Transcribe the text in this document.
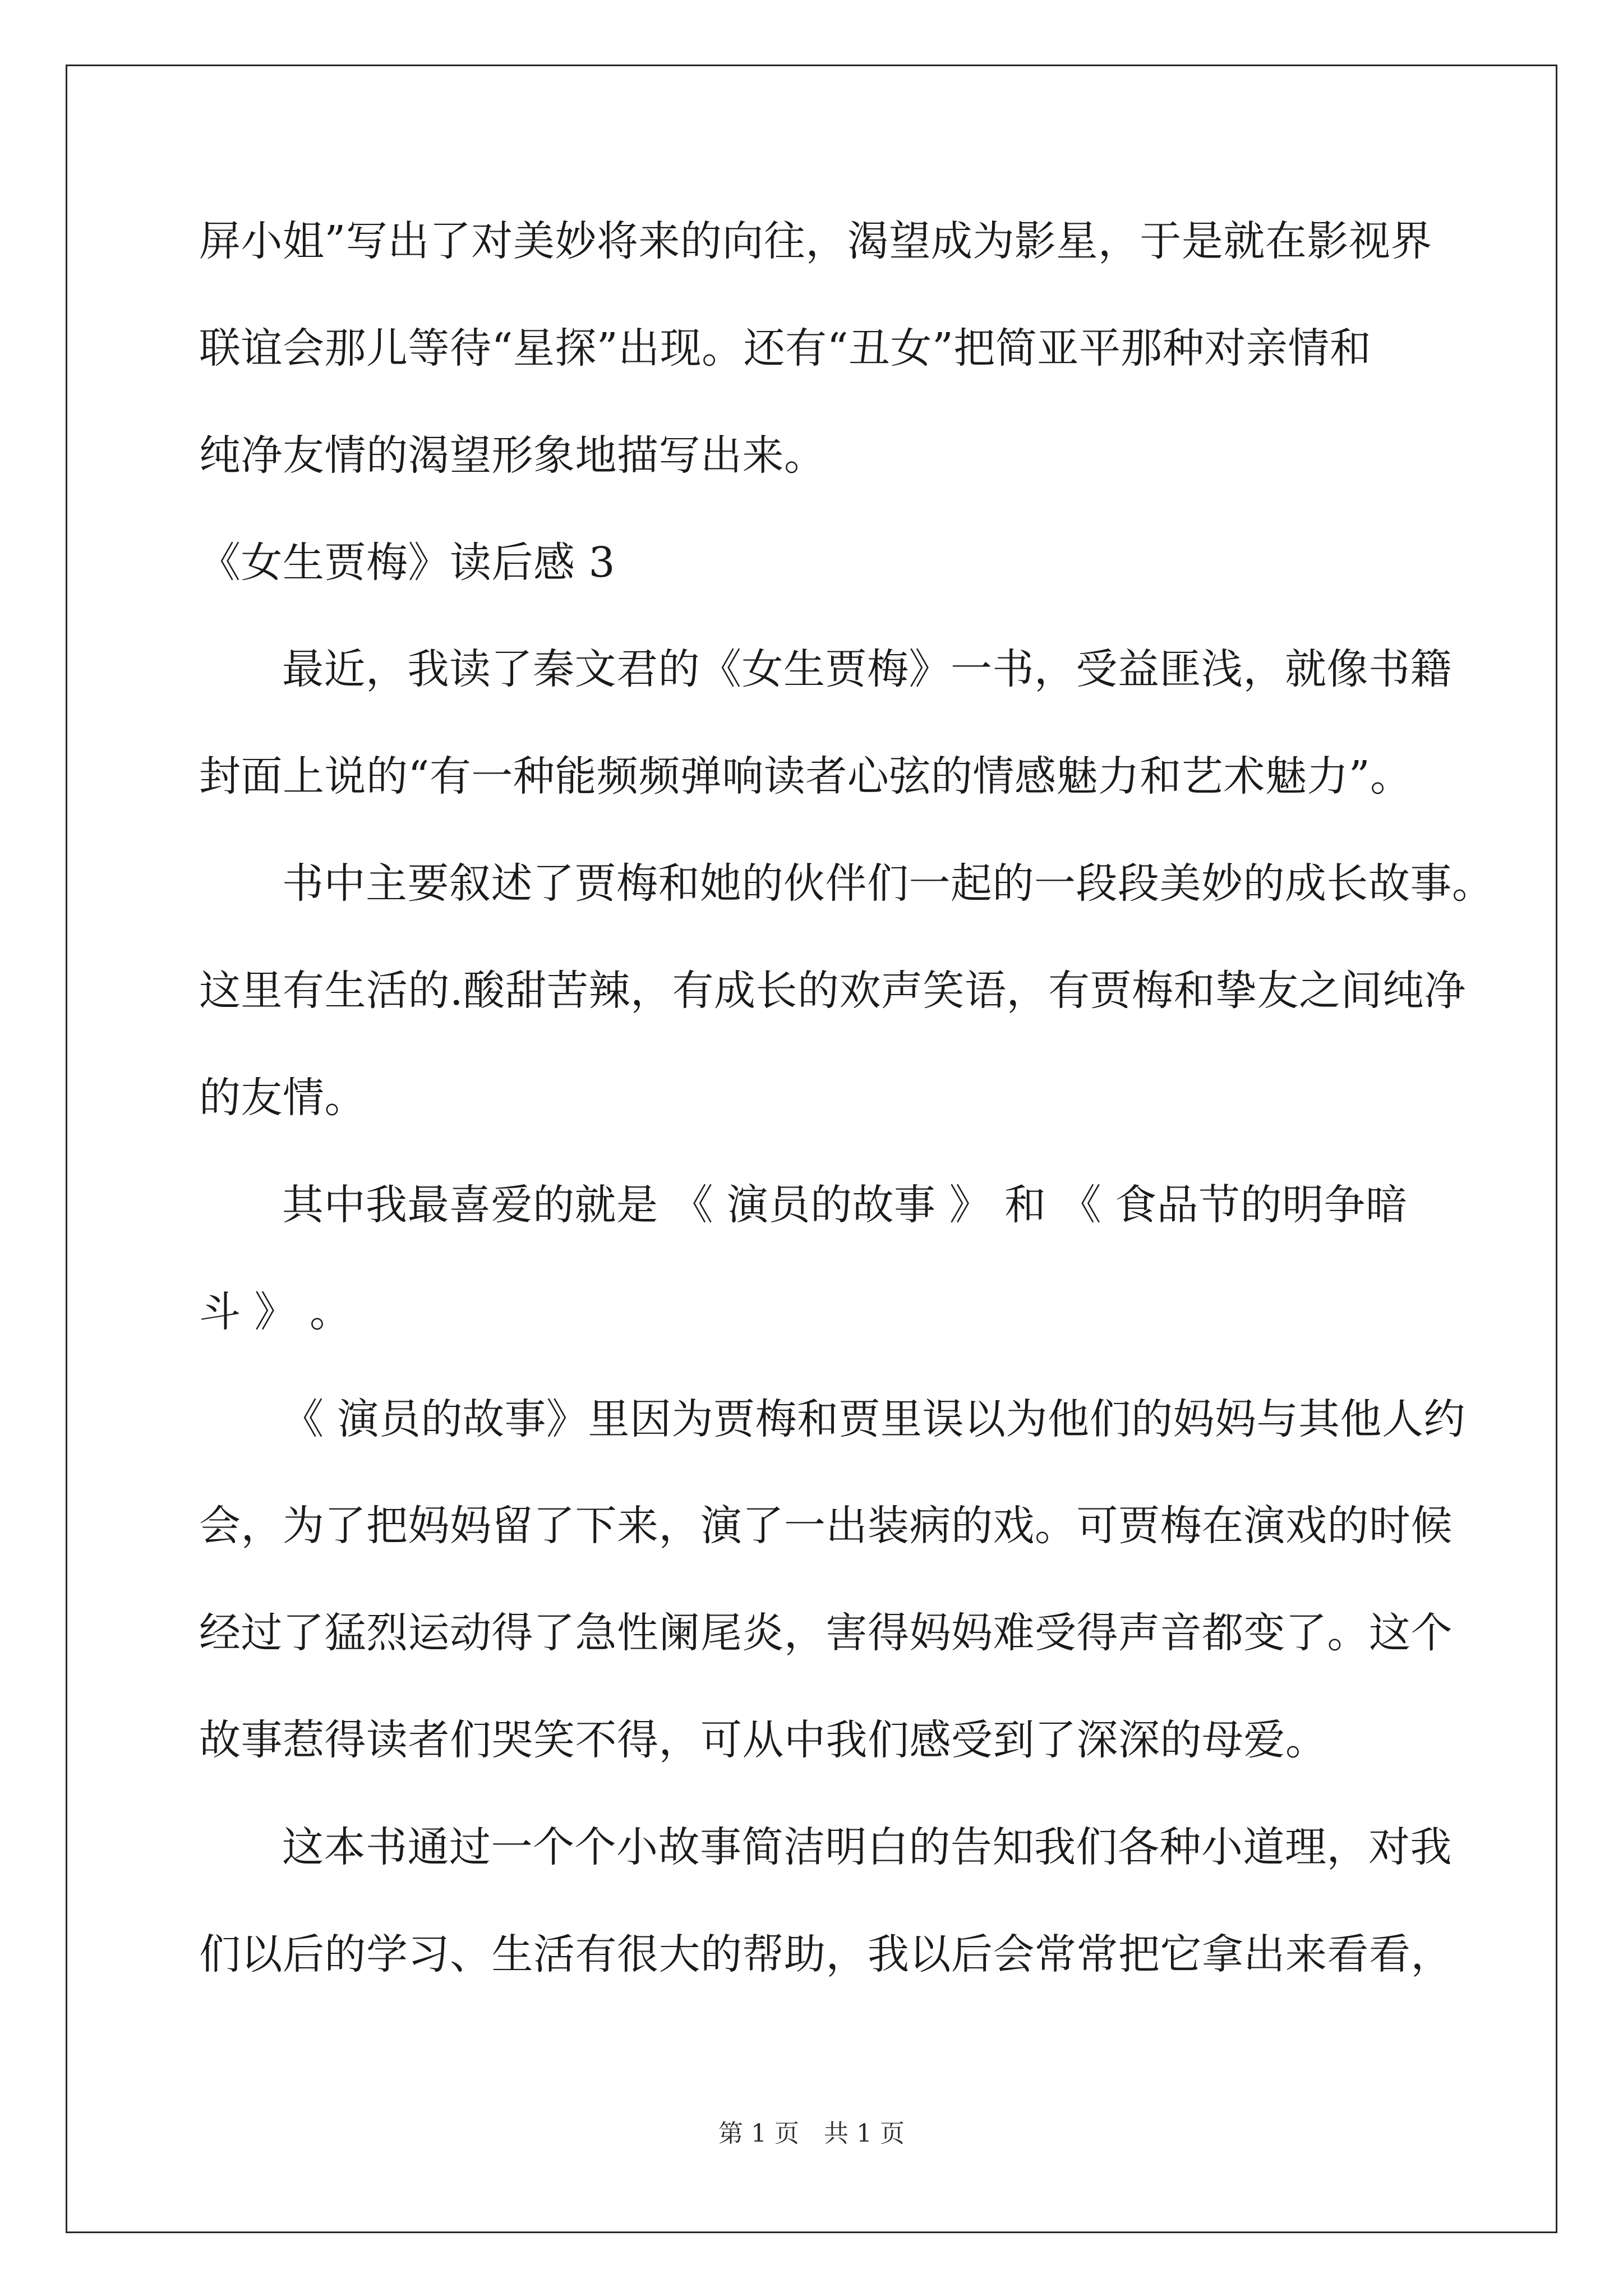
屏小姐”写出了对美妙将来的向往，渴望成为影星，于是就在影视界
联谊会那儿等待“星探”出现。还有“丑女”把简亚平那种对亲情和
纯净友情的渴望形象地描写出来。
《女生贾梅》读后感 3
最近，我读了秦文君的《女生贾梅》一书，受益匪浅，就像书籍
封面上说的“有一种能频频弹响读者心弦的情感魅力和艺术魅力”。
书中主要叙述了贾梅和她的伙伴们一起的一段段美妙的成长故事。
这里有生活的.酸甜苦辣，有成长的欢声笑语，有贾梅和挚友之间纯净
的友情。
其中我最喜爱的就是 《 演员的故事 》 和 《 食品节的明争暗
斗 》 。
《 演员的故事》里因为贾梅和贾里误以为他们的妈妈与其他人约
会，为了把妈妈留了下来，演了一出装病的戏。可贾梅在演戏的时候
经过了猛烈运动得了急性阑尾炎，害得妈妈难受得声音都变了。这个
故事惹得读者们哭笑不得，可从中我们感受到了深深的母爱。
这本书通过一个个小故事简洁明白的告知我们各种小道理，对我
们以后的学习、生活有很大的帮助，我以后会常常把它拿出来看看，
第 1 页　共 1 页
